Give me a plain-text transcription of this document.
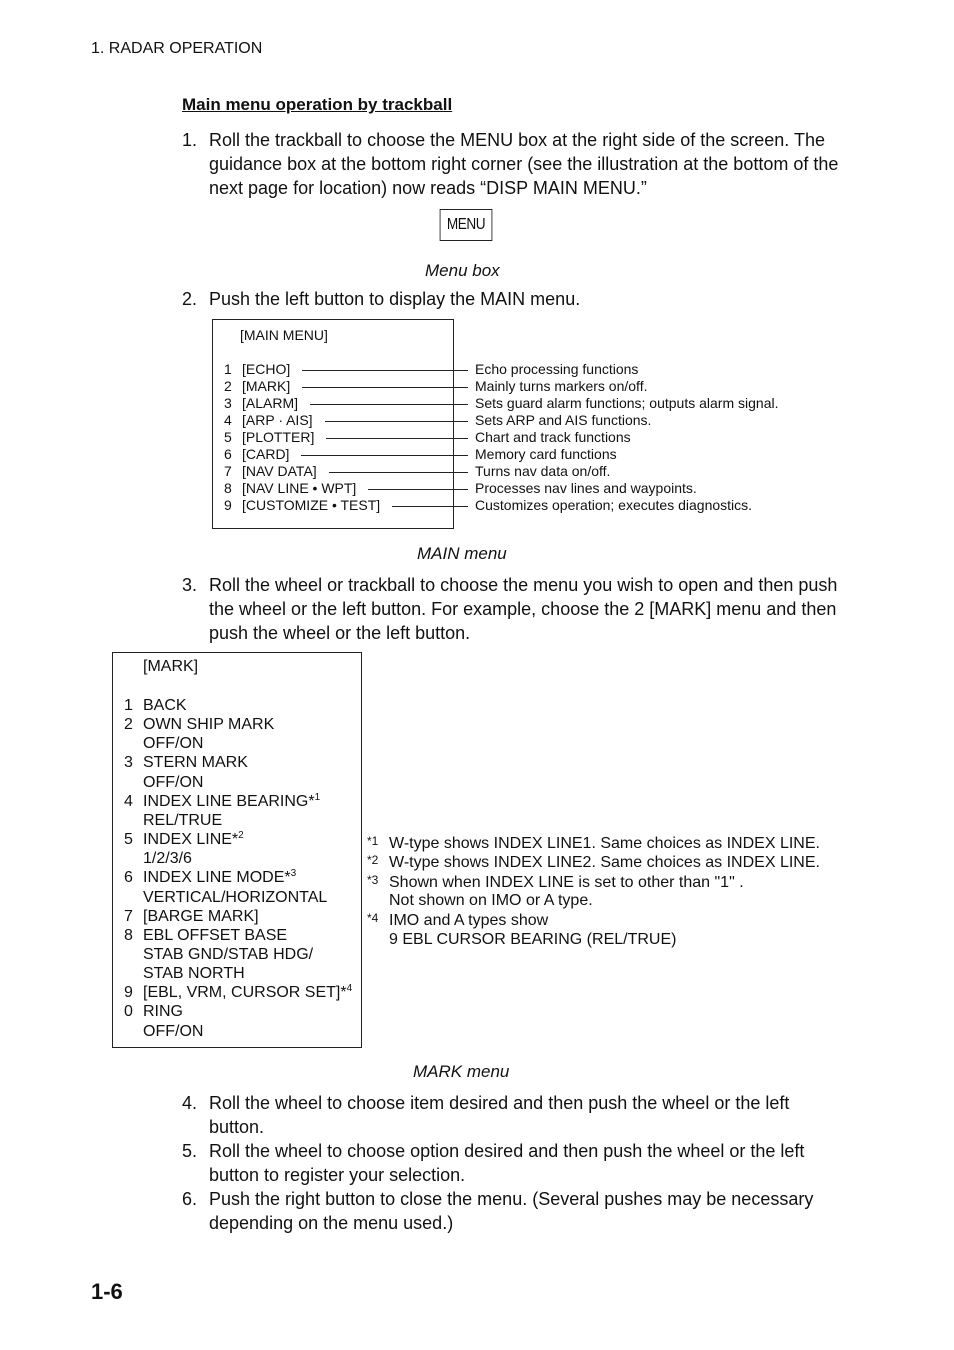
1. RADAR OPERATION
Main menu operation by trackball
1. Roll the trackball to choose the MENU box at the right side of the screen. The guidance box at the bottom right corner (see the illustration at the bottom of the next page for location) now reads “DISP MAIN MENU.”
MENU
Menu box
2. Push the left button to display the MAIN menu.
[MAIN MENU]
1 [ECHO]	Echo processing functions
2 [MARK]	Mainly turns markers on/off.
3 [ALARM]	Sets guard alarm functions; outputs alarm signal.
4 [ARP · AIS]	Sets ARP and AIS functions.
5 [PLOTTER]	Chart and track functions
6 [CARD]	Memory card functions
7 [NAV DATA]	Turns nav data on/off.
8 [NAV LINE • WPT]	Processes nav lines and waypoints.
9 [CUSTOMIZE • TEST]	Customizes operation; executes diagnostics.
MAIN menu
3. Roll the wheel or trackball to choose the menu you wish to open and then push the wheel or the left button. For example, choose the 2 [MARK] menu and then push the wheel or the left button.
[MARK]
1 BACK
2 OWN SHIP MARK
OFF/ON
3 STERN MARK
OFF/ON
4 INDEX LINE BEARING*$^1$
REL/TRUE
5 INDEX LINE*$^2$
1/2/3/6
6 INDEX LINE MODE*$^3$
VERTICAL/HORIZONTAL
7 [BARGE MARK]
8 EBL OFFSET BASE
STAB GND/STAB HDG/
STAB NORTH
9 [EBL, VRM, CURSOR SET]*$^4$
0 RING
OFF/ON
*1 W-type shows INDEX LINE1. Same choices as INDEX LINE.
*2 W-type shows INDEX LINE2. Same choices as INDEX LINE.
*3 Shown when INDEX LINE is set to other than "1" .
Not shown on IMO or A type.
*4 IMO and A types show
9 EBL CURSOR BEARING (REL/TRUE)
MARK menu
4. Roll the wheel to choose item desired and then push the wheel or the left button.
5. Roll the wheel to choose option desired and then push the wheel or the left button to register your selection.
6. Push the right button to close the menu. (Several pushes may be necessary depending on the menu used.)
1-6
